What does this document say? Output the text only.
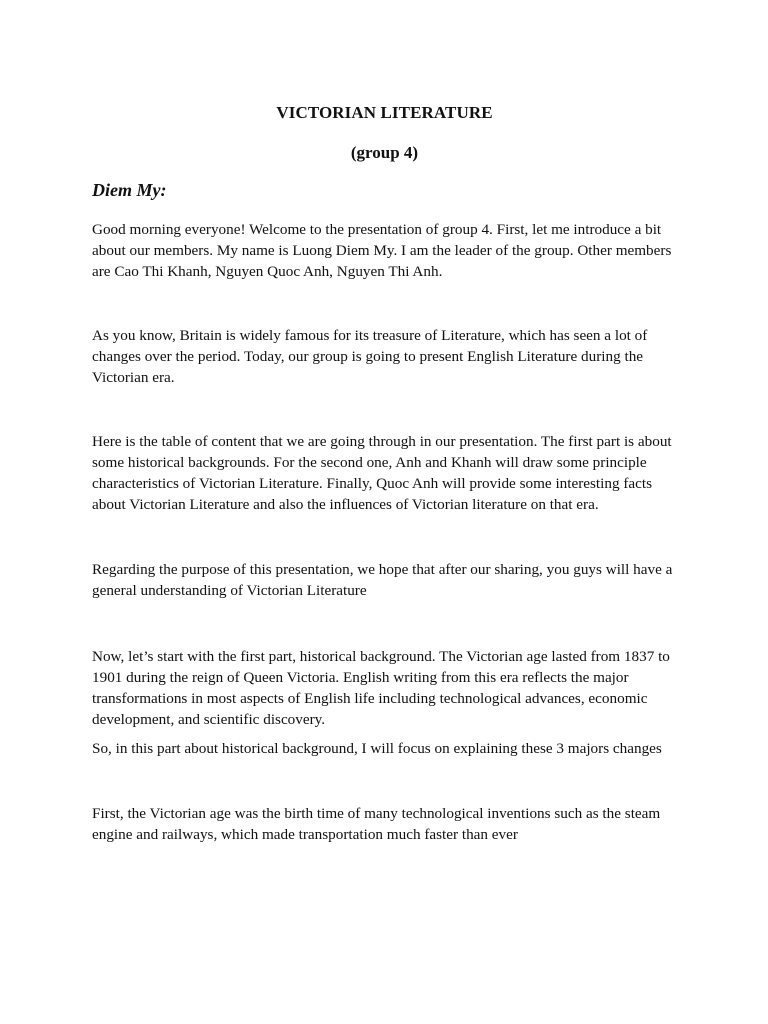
VICTORIAN LITERATURE
(group 4)
Diem My:

Good morning everyone! Welcome to the presentation of group 4. First, let me introduce a bit about our members. My name is Luong Diem My. I am the leader of the group. Other members are Cao Thi Khanh, Nguyen Quoc Anh, Nguyen Thi Anh.

As you know, Britain is widely famous for its treasure of Literature, which has seen a lot of changes over the period. Today, our group is going to present English Literature during the Victorian era.

Here is the table of content that we are going through in our presentation. The first part is about some historical backgrounds. For the second one, Anh and Khanh will draw some principle characteristics of Victorian Literature. Finally, Quoc Anh will provide some interesting facts about Victorian Literature and also the influences of Victorian literature on that era.

Regarding the purpose of this presentation, we hope that after our sharing, you guys will have a general understanding of Victorian Literature

Now, let’s start with the first part, historical background. The Victorian age lasted from 1837 to 1901 during the reign of Queen Victoria. English writing from this era reflects the major transformations in most aspects of English life including technological advances, economic development, and scientific discovery.

So, in this part about historical background, I will focus on explaining these 3 majors changes

First, the Victorian age was the birth time of many technological inventions such as the steam engine and railways, which made transportation much faster than ever
